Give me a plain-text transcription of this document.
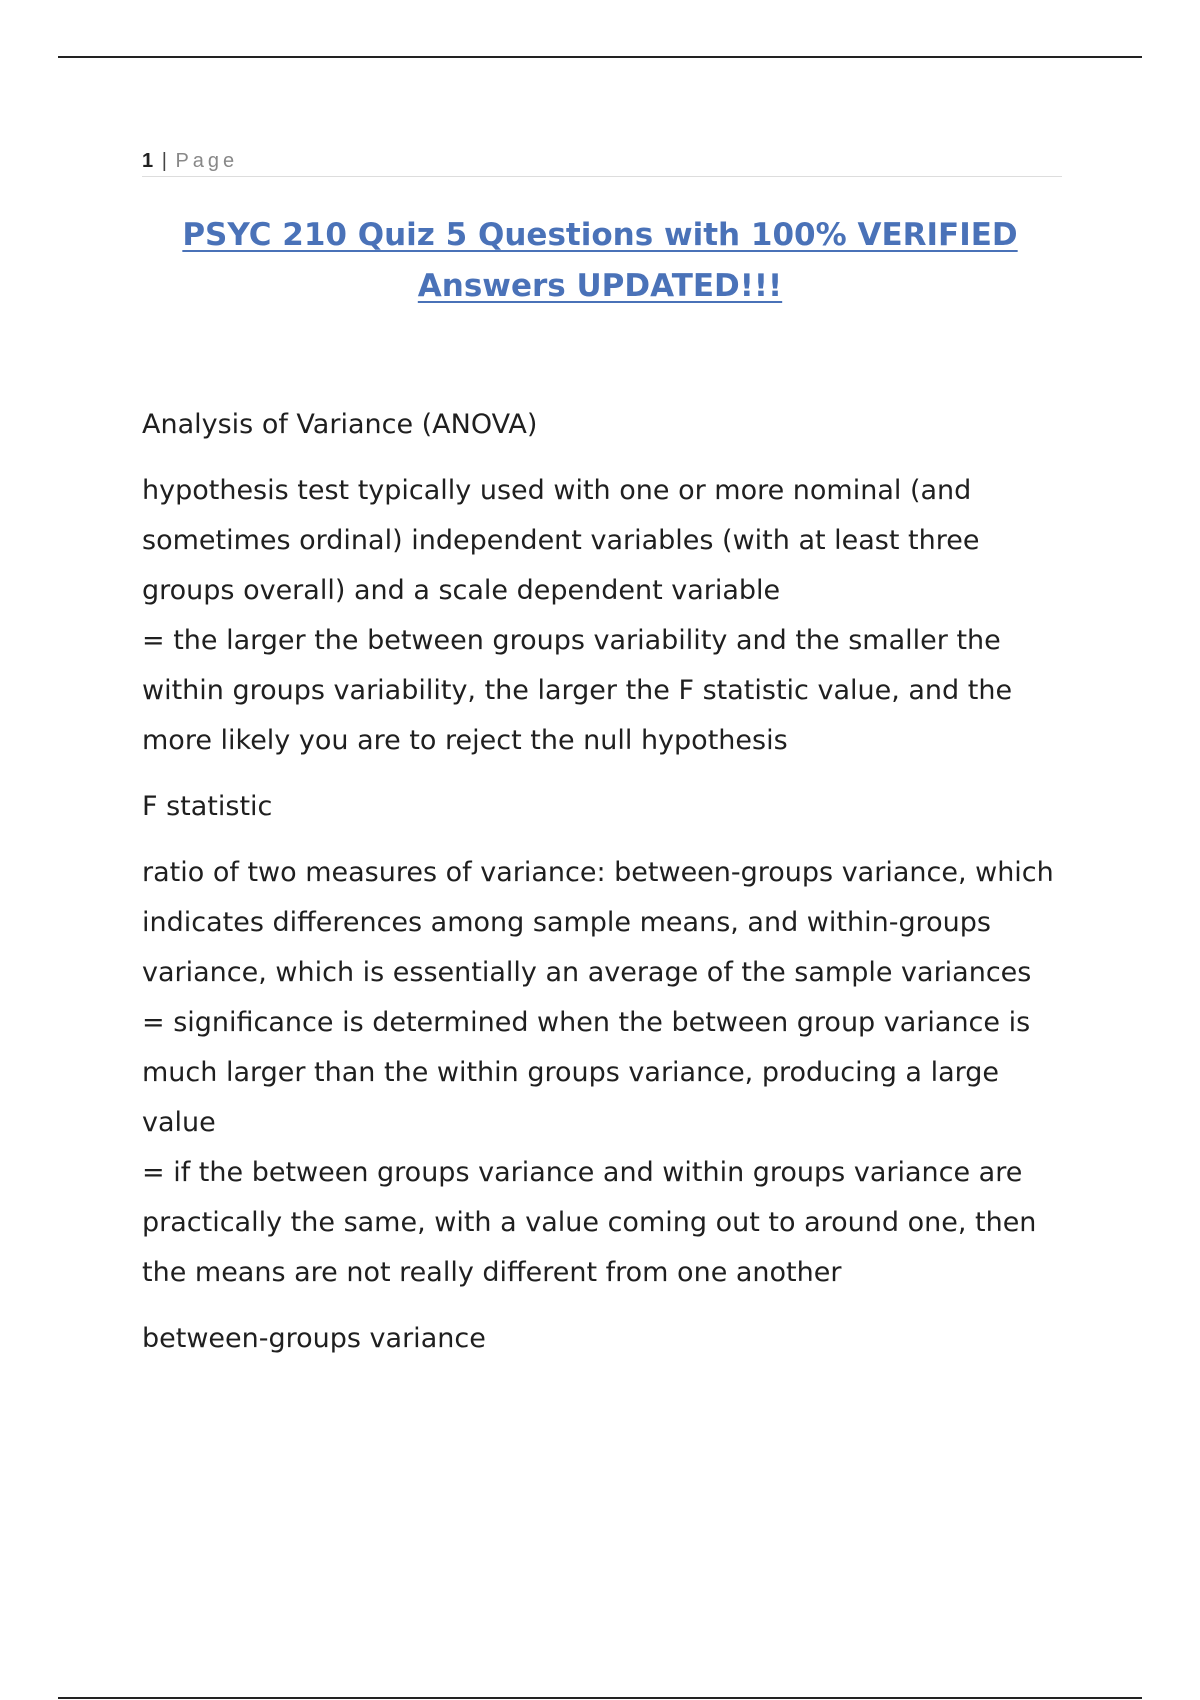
1 | Page
PSYC 210 Quiz 5 Questions with 100% VERIFIED
Answers UPDATED!!!
Analysis of Variance (ANOVA)

hypothesis test typically used with one or more nominal (and sometimes ordinal) independent variables (with at least three groups overall) and a scale dependent variable

= the larger the between groups variability and the smaller the within groups variability, the larger the F statistic value, and the more likely you are to reject the null hypothesis

F statistic

ratio of two measures of variance: between-groups variance, which indicates differences among sample means, and within-groups variance, which is essentially an average of the sample variances

= significance is determined when the between group variance is much larger than the within groups variance, producing a large value

= if the between groups variance and within groups variance are practically the same, with a value coming out to around one, then the means are not really different from one another

between-groups variance
